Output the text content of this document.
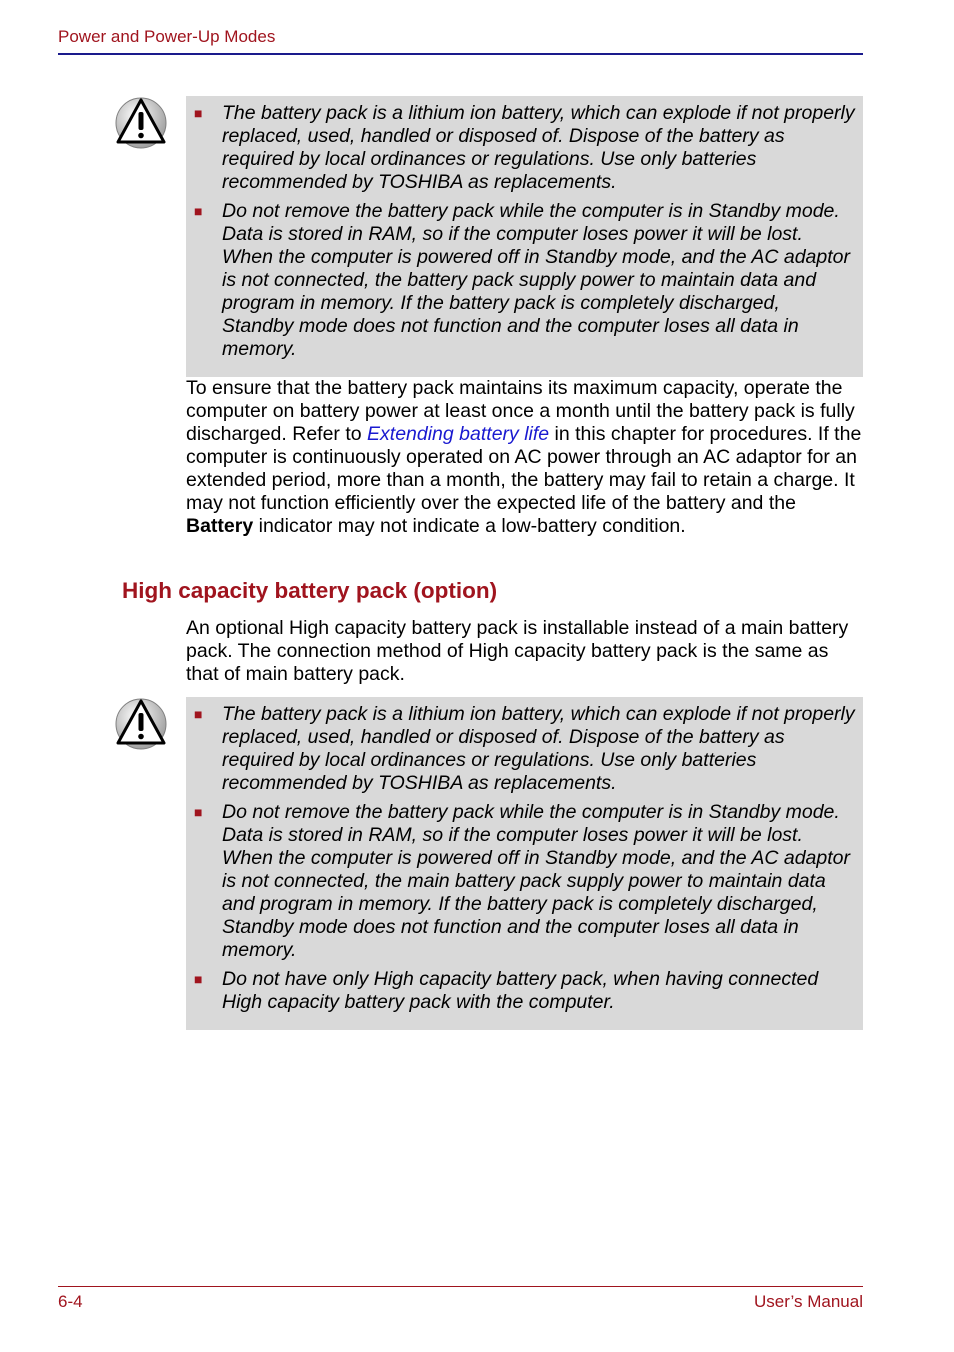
Power and Power-Up Modes
■	The battery pack is a lithium ion battery, which can explode if not properly replaced, used, handled or disposed of. Dispose of the battery as required by local ordinances or regulations. Use only batteries recommended by TOSHIBA as replacements.
■	Do not remove the battery pack while the computer is in Standby mode. Data is stored in RAM, so if the computer loses power it will be lost. When the computer is powered off in Standby mode, and the AC adaptor is not connected, the battery pack supply power to maintain data and program in memory. If the battery pack is completely discharged, Standby mode does not function and the computer loses all data in memory.
To ensure that the battery pack maintains its maximum capacity, operate the computer on battery power at least once a month until the battery pack is fully discharged. Refer to Extending battery life in this chapter for procedures. If the computer is continuously operated on AC power through an AC adaptor for an extended period, more than a month, the battery may fail to retain a charge. It may not function efficiently over the expected life of the battery and the Battery indicator may not indicate a low-battery condition.
High capacity battery pack (option)
An optional High capacity battery pack is installable instead of a main battery pack. The connection method of High capacity battery pack is the same as that of main battery pack.
■	The battery pack is a lithium ion battery, which can explode if not properly replaced, used, handled or disposed of. Dispose of the battery as required by local ordinances or regulations. Use only batteries recommended by TOSHIBA as replacements.
■	Do not remove the battery pack while the computer is in Standby mode. Data is stored in RAM, so if the computer loses power it will be lost. When the computer is powered off in Standby mode, and the AC adaptor is not connected, the main battery pack supply power to maintain data and program in memory. If the battery pack is completely discharged, Standby mode does not function and the computer loses all data in memory.
■	Do not have only High capacity battery pack, when having connected High capacity battery pack with the computer.
6-4	User’s Manual
